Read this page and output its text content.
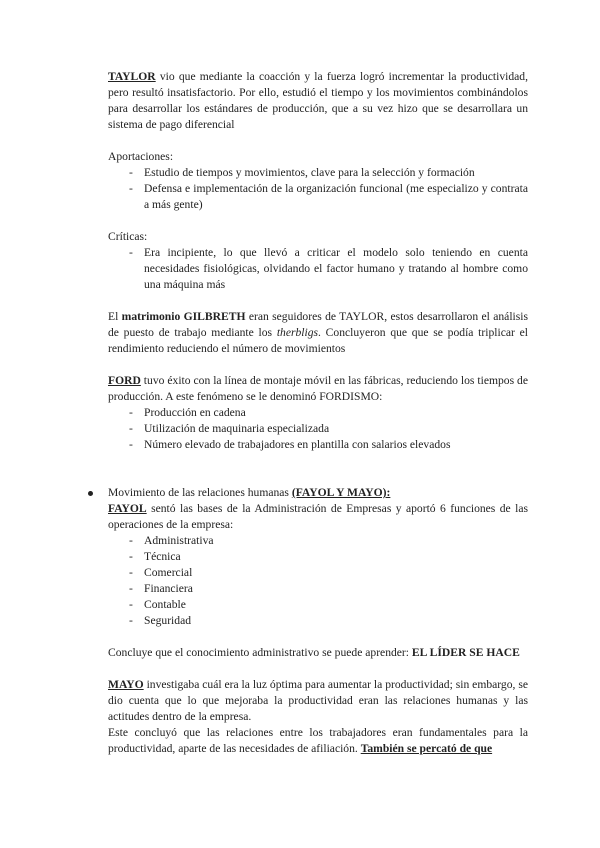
TAYLOR vio que mediante la coacción y la fuerza logró incrementar la productividad, pero resultó insatisfactorio. Por ello, estudió el tiempo y los movimientos combinándolos para desarrollar los estándares de producción, que a su vez hizo que se desarrollara un sistema de pago diferencial

Aportaciones:

- Estudio de tiempos y movimientos, clave para la selección y formación
- Defensa e implementación de la organización funcional (me especializo y contrata a más gente)

Críticas:

- Era incipiente, lo que llevó a criticar el modelo solo teniendo en cuenta necesidades fisiológicas, olvidando el factor humano y tratando al hombre como una máquina más

El matrimonio GILBRETH eran seguidores de TAYLOR, estos desarrollaron el análisis de puesto de trabajo mediante los therbligs. Concluyeron que que se podía triplicar el rendimiento reduciendo el número de movimientos

FORD tuvo éxito con la línea de montaje móvil en las fábricas, reduciendo los tiempos de producción. A este fenómeno se le denominó FORDISMO:

- Producción en cadena
- Utilización de maquinaria especializada
- Número elevado de trabajadores en plantilla con salarios elevados

Movimiento de las relaciones humanas (FAYOL Y MAYO):

FAYOL sentó las bases de la Administración de Empresas y aportó 6 funciones de las operaciones de la empresa:

- Administrativa
- Técnica
- Comercial
- Financiera
- Contable
- Seguridad

Concluye que el conocimiento administrativo se puede aprender: EL LÍDER SE HACE

MAYO investigaba cuál era la luz óptima para aumentar la productividad; sin embargo, se dio cuenta que lo que mejoraba la productividad eran las relaciones humanas y las actitudes dentro de la empresa.

Este concluyó que las relaciones entre los trabajadores eran fundamentales para la productividad, aparte de las necesidades de afiliación. También se percató de que
